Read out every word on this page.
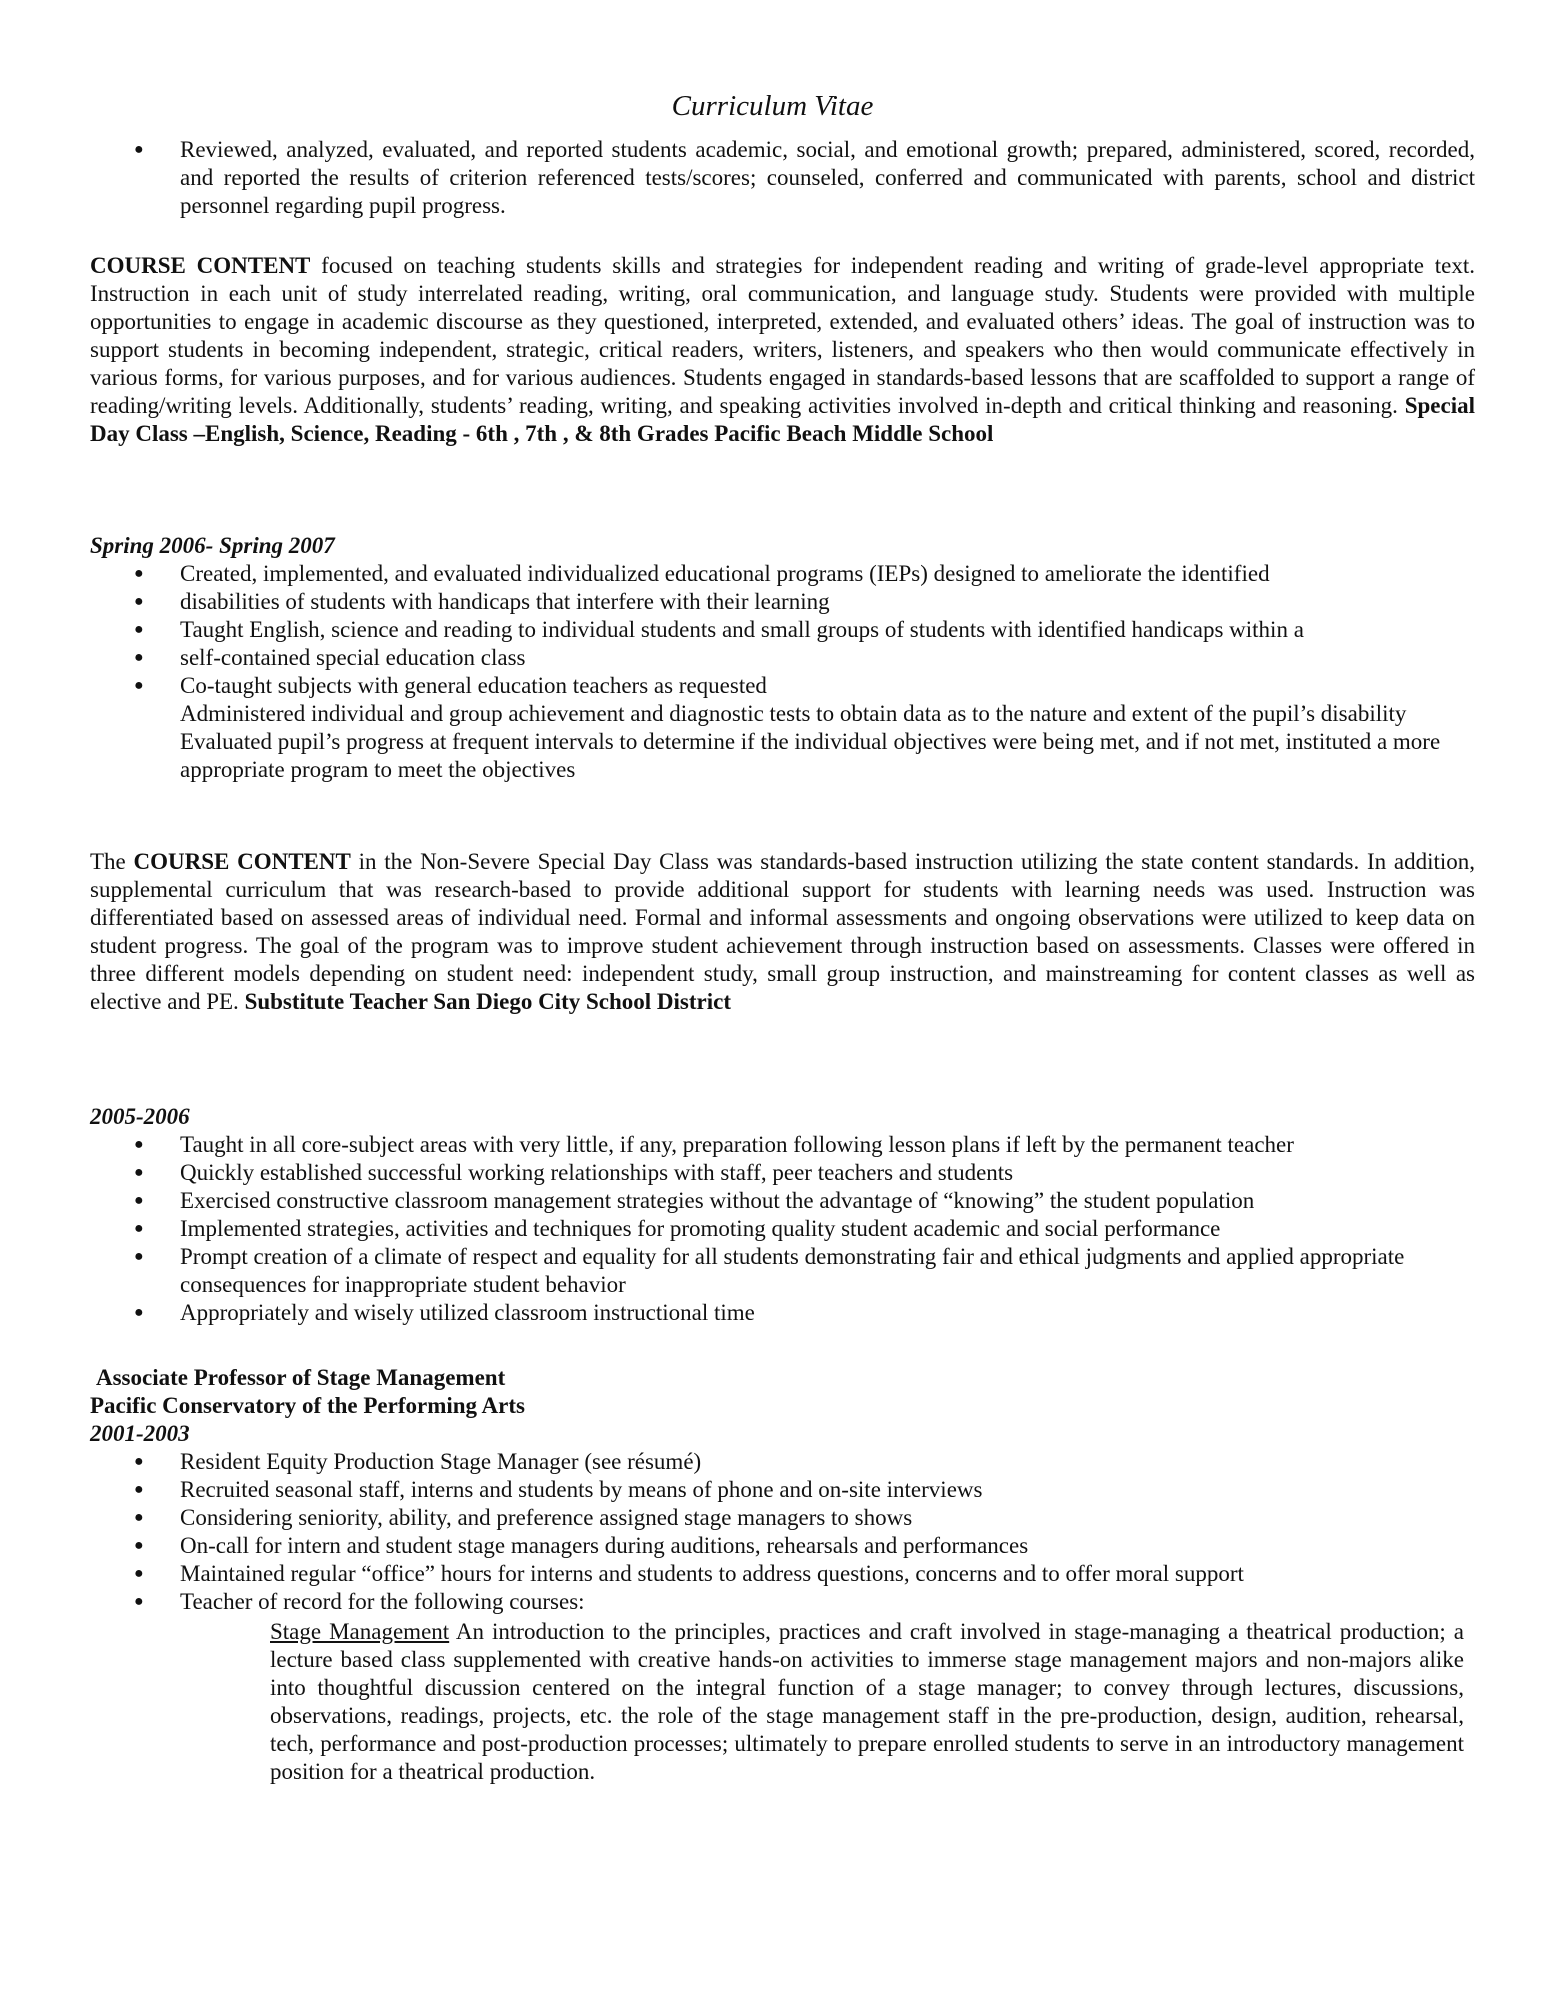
Curriculum Vitae
● Reviewed, analyzed, evaluated, and reported students academic, social, and emotional growth; prepared, administered, scored, recorded, and reported the results of criterion referenced tests/scores; counseled, conferred and communicated with parents, school and district personnel regarding pupil progress.
COURSE CONTENT focused on teaching students skills and strategies for independent reading and writing of grade-level appropriate text. Instruction in each unit of study interrelated reading, writing, oral communication, and language study. Students were provided with multiple opportunities to engage in academic discourse as they questioned, interpreted, extended, and evaluated others’ ideas. The goal of instruction was to support students in becoming independent, strategic, critical readers, writers, listeners, and speakers who then would communicate effectively in various forms, for various purposes, and for various audiences. Students engaged in standards-based lessons that are scaffolded to support a range of reading/writing levels. Additionally, students’ reading, writing, and speaking activities involved in-depth and critical thinking and reasoning. Special Day Class –English, Science, Reading - 6th , 7th , & 8th Grades Pacific Beach Middle School
Spring 2006- Spring 2007
● Created, implemented, and evaluated individualized educational programs (IEPs) designed to ameliorate the identified
● disabilities of students with handicaps that interfere with their learning
● Taught English, science and reading to individual students and small groups of students with identified handicaps within a
● self-contained special education class
● Co-taught subjects with general education teachers as requested
Administered individual and group achievement and diagnostic tests to obtain data as to the nature and extent of the pupil’s disability
Evaluated pupil’s progress at frequent intervals to determine if the individual objectives were being met, and if not met, instituted a more appropriate program to meet the objectives
The COURSE CONTENT in the Non-Severe Special Day Class was standards-based instruction utilizing the state content standards. In addition, supplemental curriculum that was research-based to provide additional support for students with learning needs was used. Instruction was differentiated based on assessed areas of individual need. Formal and informal assessments and ongoing observations were utilized to keep data on student progress. The goal of the program was to improve student achievement through instruction based on assessments. Classes were offered in three different models depending on student need: independent study, small group instruction, and mainstreaming for content classes as well as elective and PE. Substitute Teacher San Diego City School District
2005-2006
● Taught in all core-subject areas with very little, if any, preparation following lesson plans if left by the permanent teacher
● Quickly established successful working relationships with staff, peer teachers and students
● Exercised constructive classroom management strategies without the advantage of “knowing” the student population
● Implemented strategies, activities and techniques for promoting quality student academic and social performance
● Prompt creation of a climate of respect and equality for all students demonstrating fair and ethical judgments and applied appropriate consequences for inappropriate student behavior
● Appropriately and wisely utilized classroom instructional time
Associate Professor of Stage Management
Pacific Conservatory of the Performing Arts
2001-2003
● Resident Equity Production Stage Manager (see résumé)
● Recruited seasonal staff, interns and students by means of phone and on-site interviews
● Considering seniority, ability, and preference assigned stage managers to shows
● On-call for intern and student stage managers during auditions, rehearsals and performances
● Maintained regular “office” hours for interns and students to address questions, concerns and to offer moral support
● Teacher of record for the following courses:
Stage Management An introduction to the principles, practices and craft involved in stage-managing a theatrical production; a lecture based class supplemented with creative hands-on activities to immerse stage management majors and non-majors alike into thoughtful discussion centered on the integral function of a stage manager; to convey through lectures, discussions, observations, readings, projects, etc. the role of the stage management staff in the pre-production, design, audition, rehearsal, tech, performance and post-production processes; ultimately to prepare enrolled students to serve in an introductory management position for a theatrical production.
